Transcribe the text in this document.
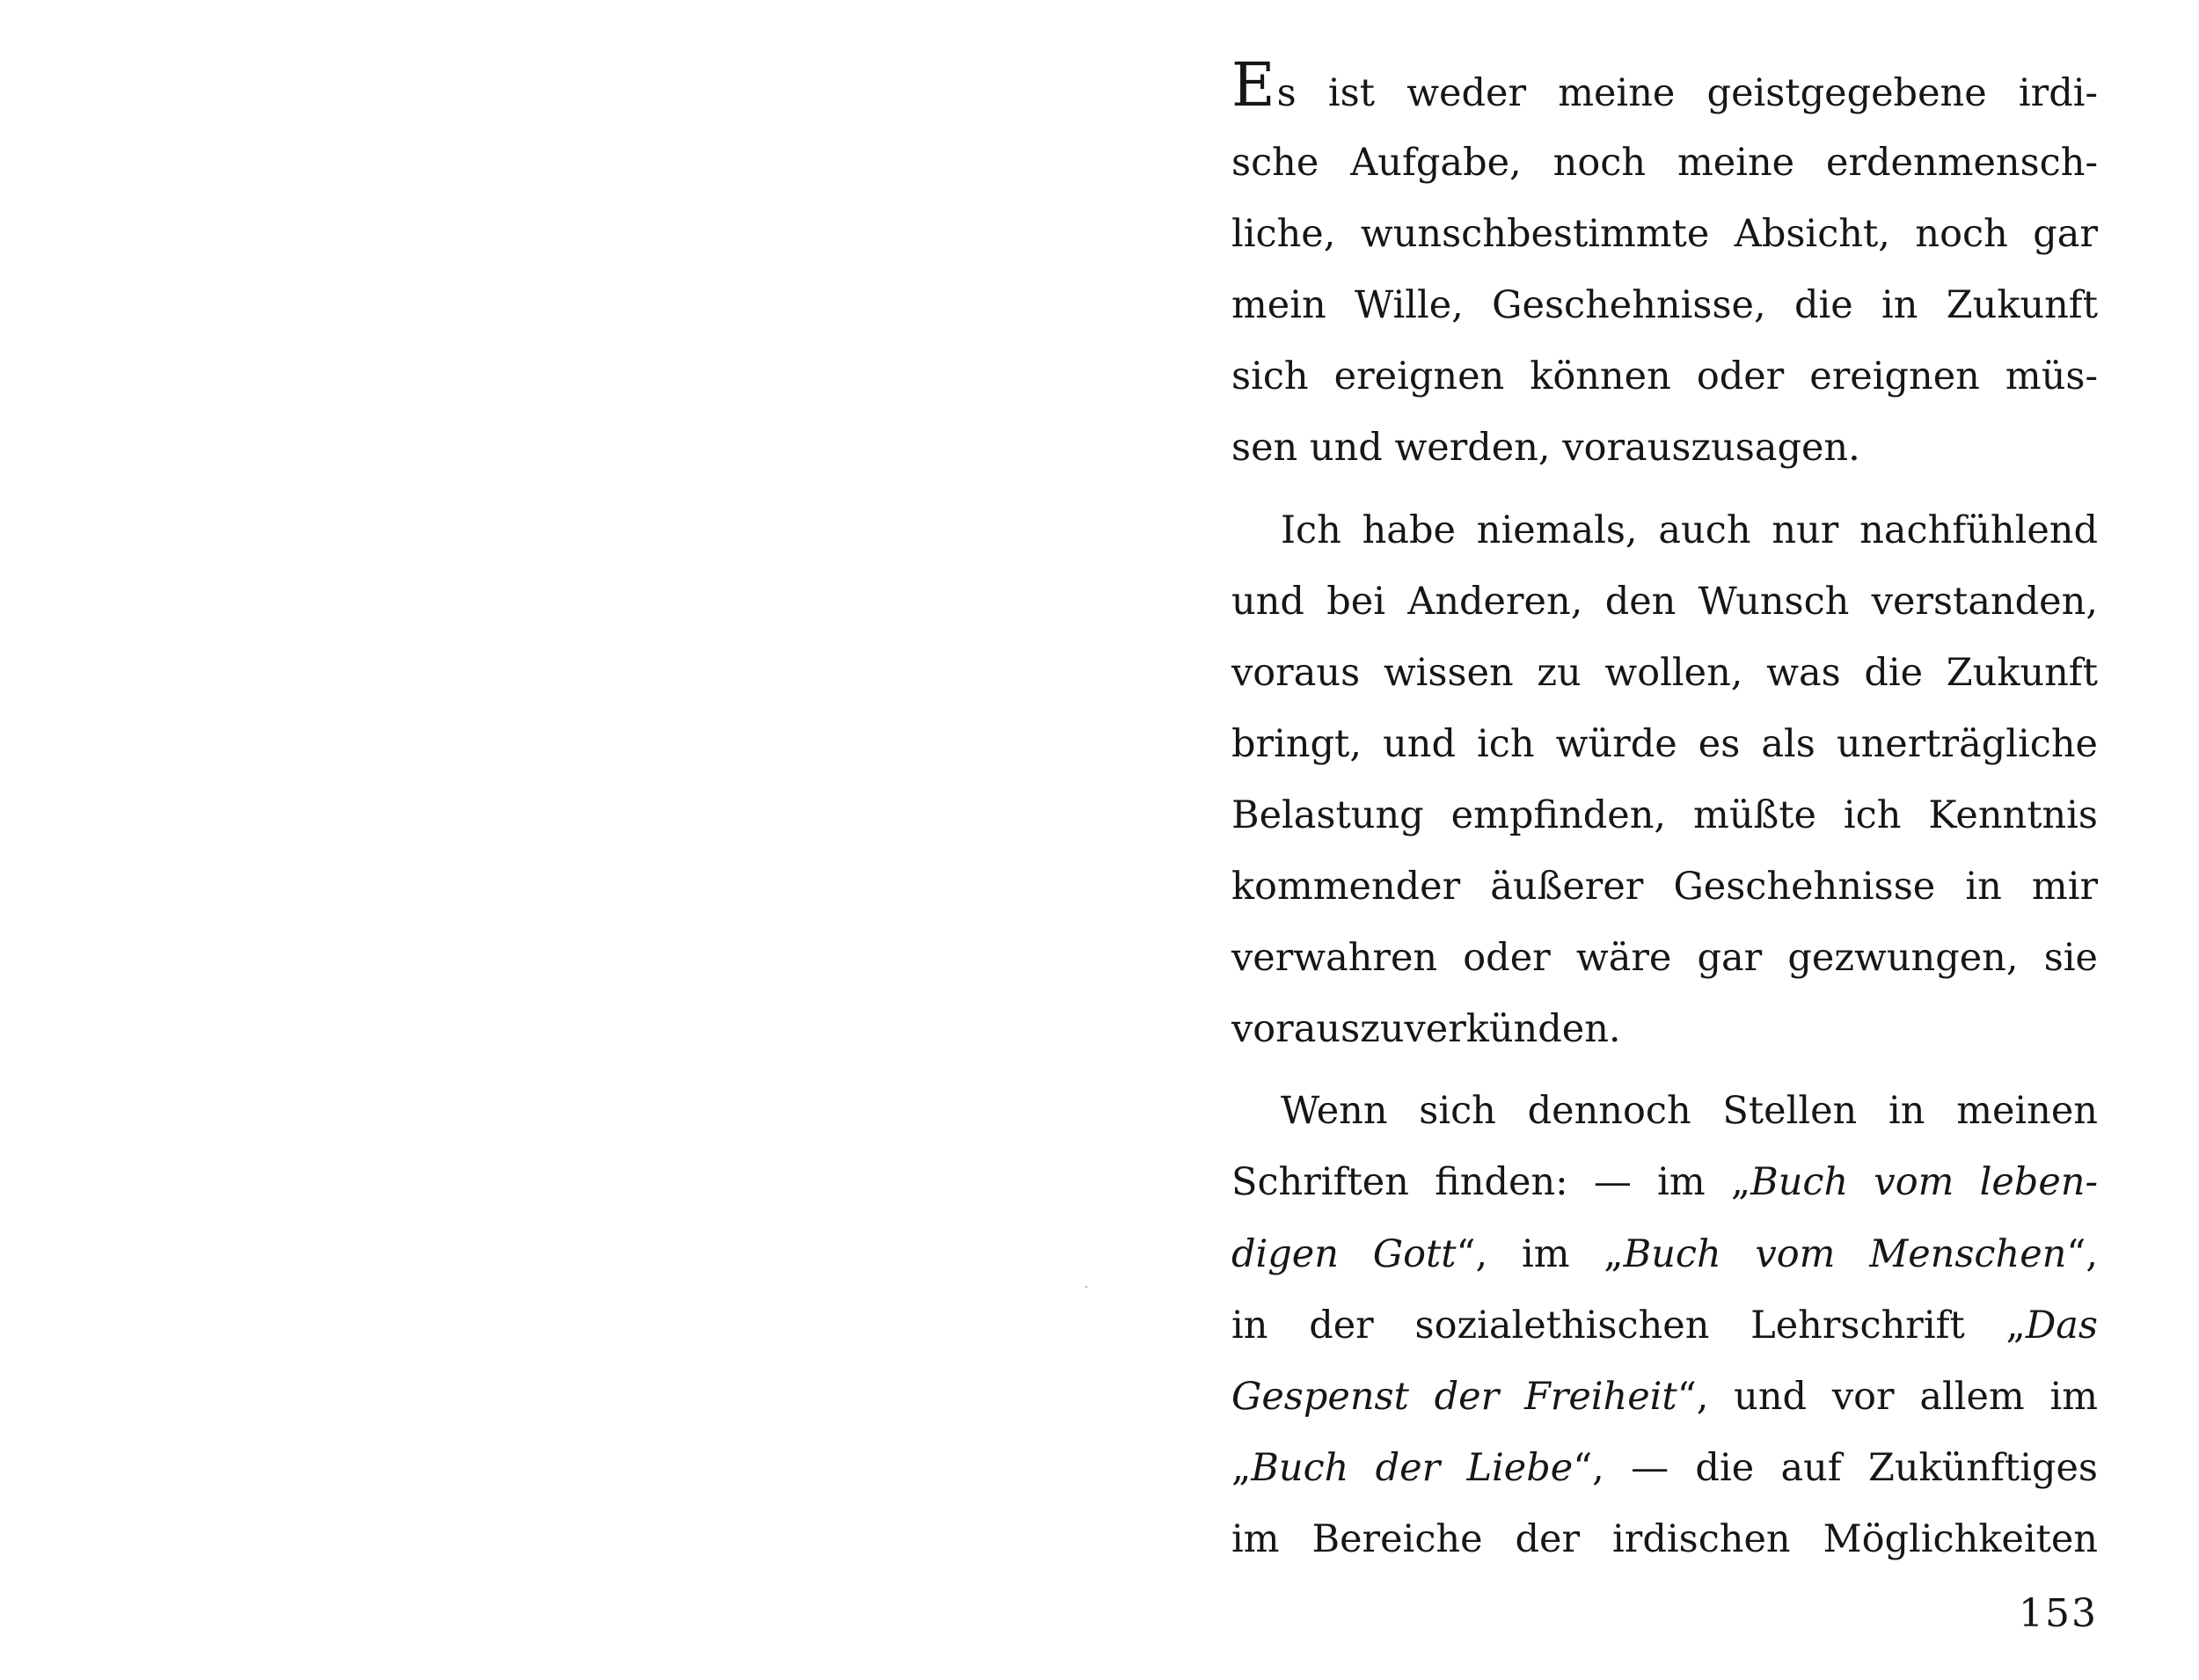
Es ist weder meine geistgegebene irdi-
sche Aufgabe, noch meine erdenmensch-
liche, wunschbestimmte Absicht, noch gar
mein Wille, Geschehnisse, die in Zukunft
sich ereignen können oder ereignen müs-
sen und werden, vorauszusagen.
Ich habe niemals, auch nur nachfühlend
und bei Anderen, den Wunsch verstanden,
voraus wissen zu wollen, was die Zukunft
bringt, und ich würde es als unerträgliche
Belastung empfinden, müßte ich Kenntnis
kommender äußerer Geschehnisse in mir
verwahren oder wäre gar gezwungen, sie
vorauszuverkünden.
Wenn sich dennoch Stellen in meinen
Schriften finden: — im „Buch vom leben-
digen Gott“, im „Buch vom Menschen“,
in der sozialethischen Lehrschrift „Das
Gespenst der Freiheit“, und vor allem im
„Buch der Liebe“, — die auf Zukünftiges
im Bereiche der irdischen Möglichkeiten
153
